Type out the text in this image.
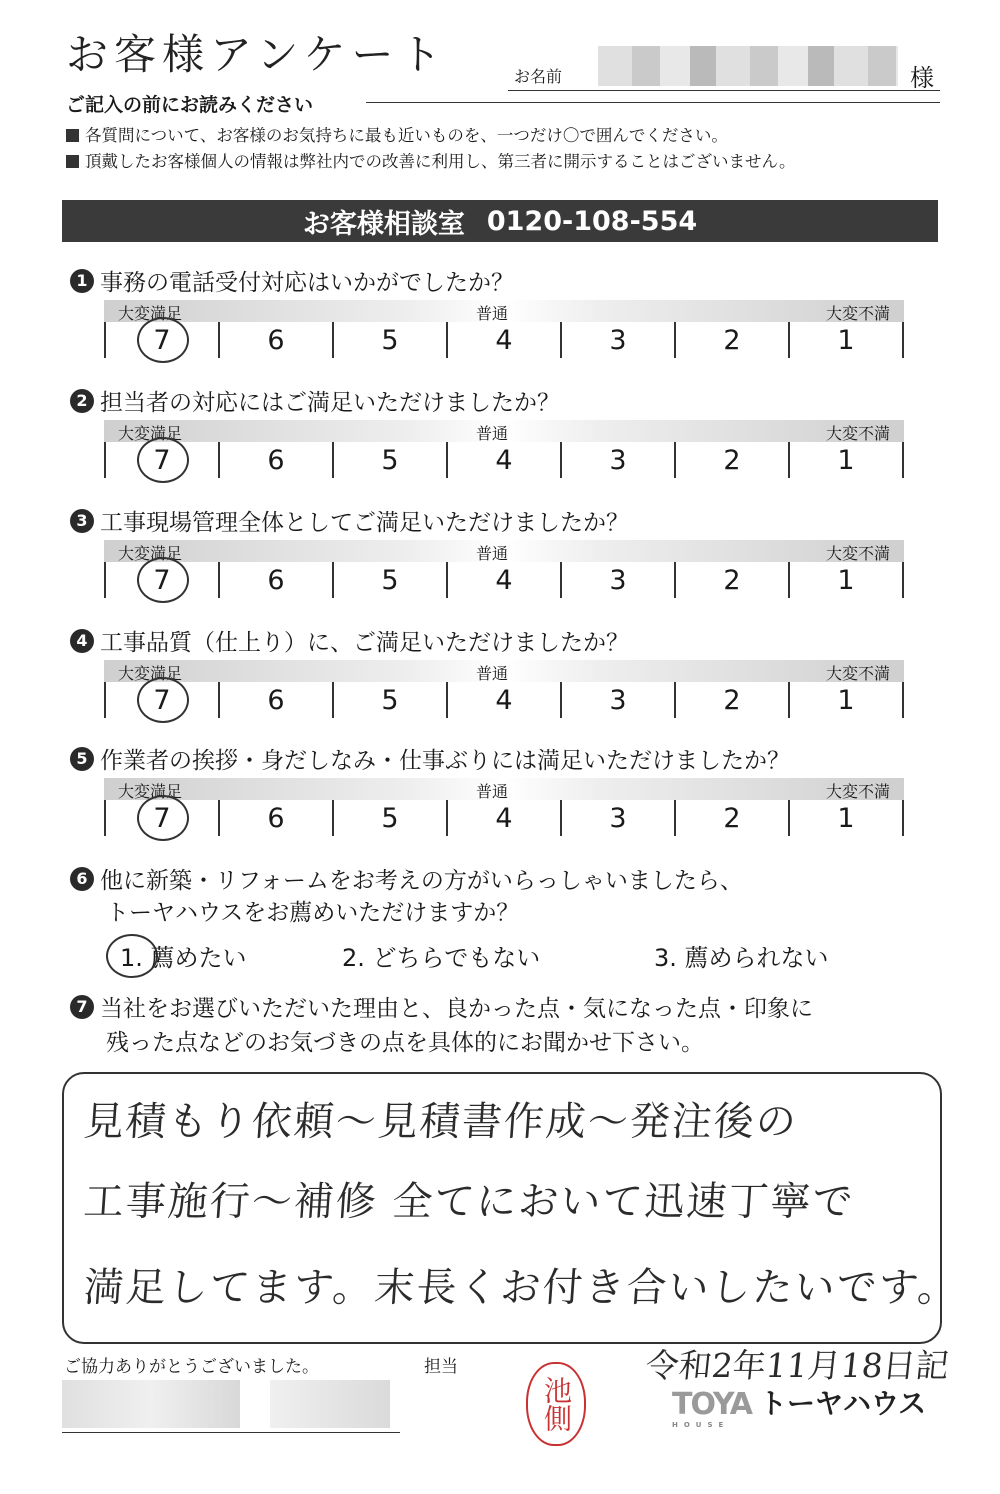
お客様アンケート	お名前	様
ご記入の前にお読みください
各質問について、お客様のお気持ちに最も近いものを、一つだけ〇で囲んでください。
頂戴したお客様個人の情報は弊社内での改善に利用し、第三者に開示することはございません。
お客様相談室 0120-108-554
1 事務の電話受付対応はいかがでしたか？
大変満足	普通	大変不満
7	6	5	4	3	2	1
2 担当者の対応にはご満足いただけましたか？
大変満足	普通	大変不満
7	6	5	4	3	2	1
3 工事現場管理全体としてご満足いただけましたか？
大変満足	普通	大変不満
7	6	5	4	3	2	1
4 工事品質（仕上り）に、ご満足いただけましたか？
大変満足	普通	大変不満
7	6	5	4	3	2	1
5 作業者の挨拶・身だしなみ・仕事ぶりには満足いただけましたか？
大変満足	普通	大変不満
7	6	5	4	3	2	1
6 他に新築・リフォームをお考えの方がいらっしゃいましたら、
トーヤハウスをお薦めいただけますか？
1. 薦めたい	2. どちらでもない	3. 薦められない
7 当社をお選びいただいた理由と、良かった点・気になった点・印象に
残った点などのお気づきの点を具体的にお聞かせ下さい。
見積もり依頼～見積書作成～発注後の
工事施行～補修 全てにおいて迅速丁寧で
満足してます。末長くお付き合いしたいです。
ご協力ありがとうございました。	担当	令和2年11月18日記
池側	TOYA
HOUSE
トーヤハウス
